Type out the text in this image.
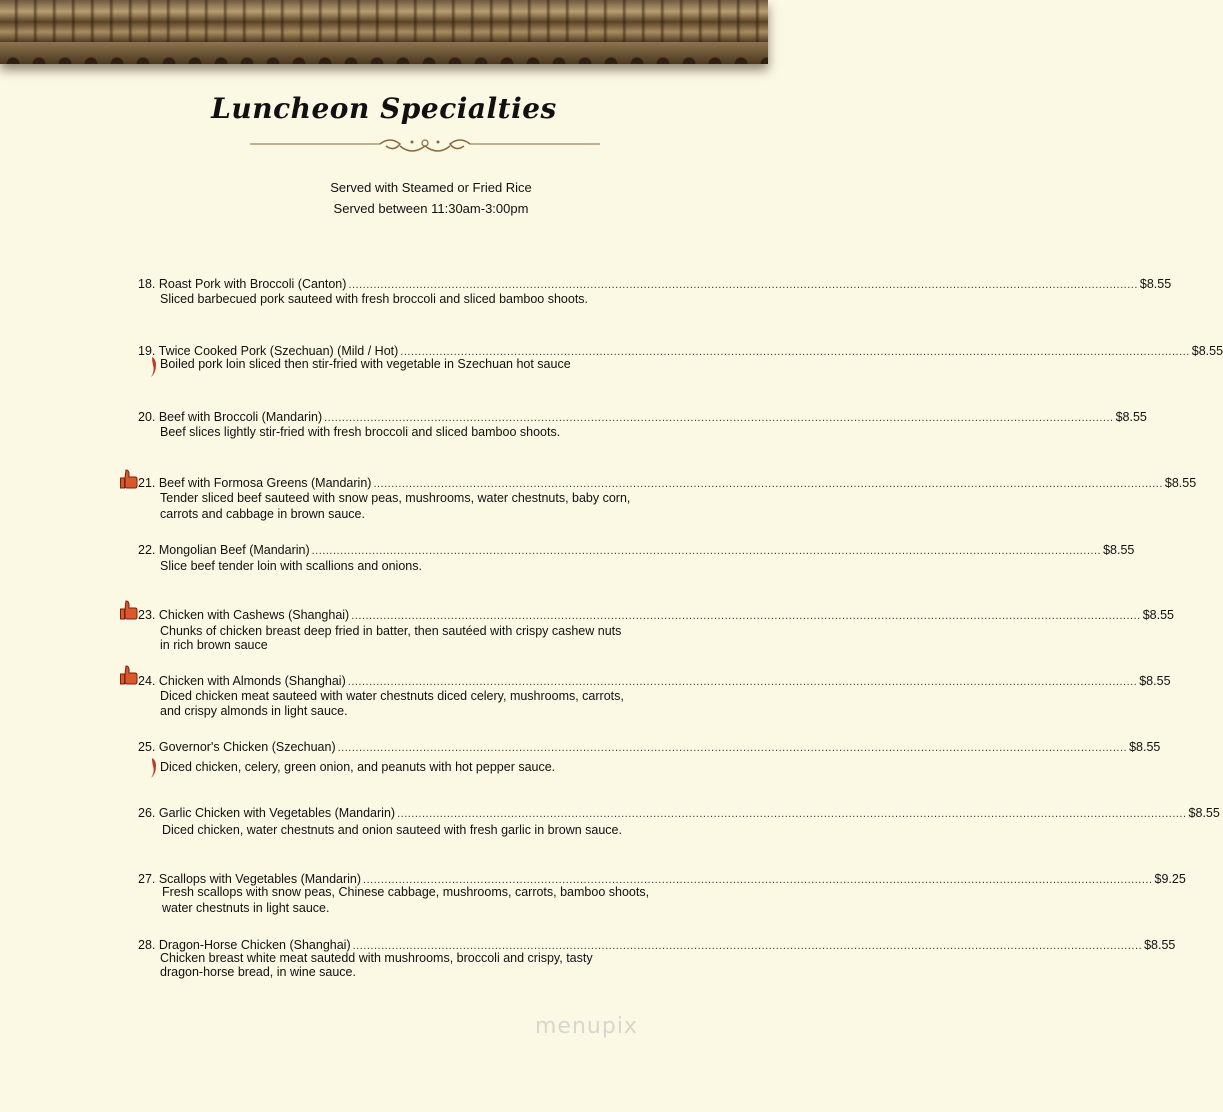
Luncheon Specialties
Served with Steamed or Fried Rice
Served between 11:30am-3:00pm
18. Roast Pork with Broccoli (Canton) .............................................................................................................................................................................................................................. $8.55
Sliced barbecued pork sauteed with fresh broccoli and sliced bamboo shoots.
19. Twice Cooked Pork (Szechuan) (Mild / Hot) .............................................................................................................................................................................................................................. $8.55
Boiled pork loin sliced then stir-fried with vegetable in Szechuan hot sauce
20. Beef with Broccoli (Mandarin) .............................................................................................................................................................................................................................. $8.55
Beef slices lightly stir-fried with fresh broccoli and sliced bamboo shoots.
21. Beef with Formosa Greens (Mandarin) .............................................................................................................................................................................................................................. $8.55
Tender sliced beef sauteed with snow peas, mushrooms, water chestnuts, baby corn,
carrots and cabbage in brown sauce.
22. Mongolian Beef (Mandarin) .............................................................................................................................................................................................................................. $8.55
Slice beef tender loin with scallions and onions.
23. Chicken with Cashews (Shanghai) .............................................................................................................................................................................................................................. $8.55
Chunks of chicken breast deep fried in batter, then sautéed with crispy cashew nuts
in rich brown sauce
24. Chicken with Almonds (Shanghai) .............................................................................................................................................................................................................................. $8.55
Diced chicken meat sauteed with water chestnuts diced celery, mushrooms, carrots,
and crispy almonds in light sauce.
25. Governor's Chicken (Szechuan) .............................................................................................................................................................................................................................. $8.55
Diced chicken, celery, green onion, and peanuts with hot pepper sauce.
26. Garlic Chicken with Vegetables (Mandarin) .............................................................................................................................................................................................................................. $8.55
Diced chicken, water chestnuts and onion sauteed with fresh garlic in brown sauce.
27. Scallops with Vegetables (Mandarin) .............................................................................................................................................................................................................................. $9.25
Fresh scallops with snow peas, Chinese cabbage, mushrooms, carrots, bamboo shoots,
water chestnuts in light sauce.
28. Dragon-Horse Chicken (Shanghai) .............................................................................................................................................................................................................................. $8.55
Chicken breast white meat sautedd with mushrooms, broccoli and crispy, tasty
dragon-horse bread, in wine sauce.
menupix
